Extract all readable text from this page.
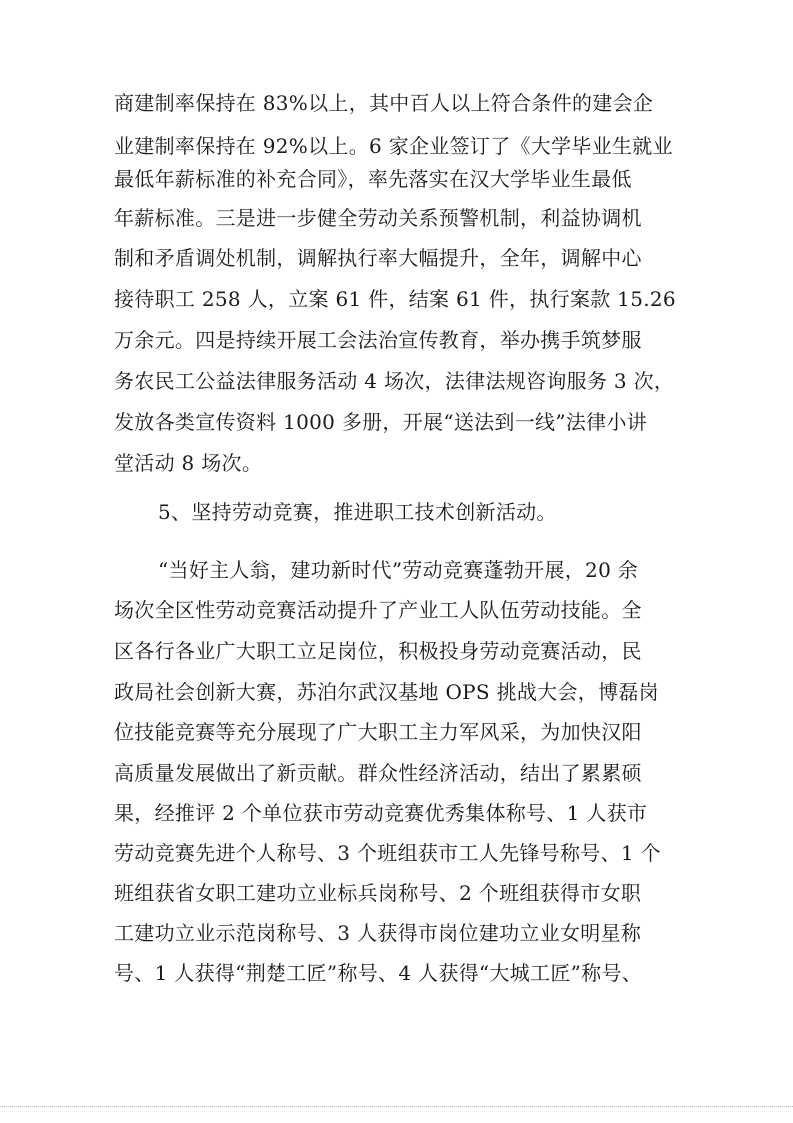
商建制率保持在 83%以上，其中百人以上符合条件的建会企
业建制率保持在 92%以上。6 家企业签订了《大学毕业生就业
最低年薪标准的补充合同》，率先落实在汉大学毕业生最低
年薪标准。三是进一步健全劳动关系预警机制，利益协调机
制和矛盾调处机制，调解执行率大幅提升，全年，调解中心
接待职工 258 人，立案 61 件，结案 61 件，执行案款 15.26
万余元。四是持续开展工会法治宣传教育，举办携手筑梦服
务农民工公益法律服务活动 4 场次，法律法规咨询服务 3 次，
发放各类宣传资料 1000 多册，开展“送法到一线”法律小讲
堂活动 8 场次。
5、坚持劳动竞赛，推进职工技术创新活动。
“当好主人翁，建功新时代”劳动竞赛蓬勃开展，20 余
场次全区性劳动竞赛活动提升了产业工人队伍劳动技能。全
区各行各业广大职工立足岗位，积极投身劳动竞赛活动，民
政局社会创新大赛，苏泊尔武汉基地 OPS 挑战大会，博磊岗
位技能竞赛等充分展现了广大职工主力军风采，为加快汉阳
高质量发展做出了新贡献。群众性经济活动，结出了累累硕
果，经推评 2 个单位获市劳动竞赛优秀集体称号、1 人获市
劳动竞赛先进个人称号、3 个班组获市工人先锋号称号、1 个
班组获省女职工建功立业标兵岗称号、2 个班组获得市女职
工建功立业示范岗称号、3 人获得市岗位建功立业女明星称
号、1 人获得“荆楚工匠”称号、4 人获得“大城工匠”称号、
